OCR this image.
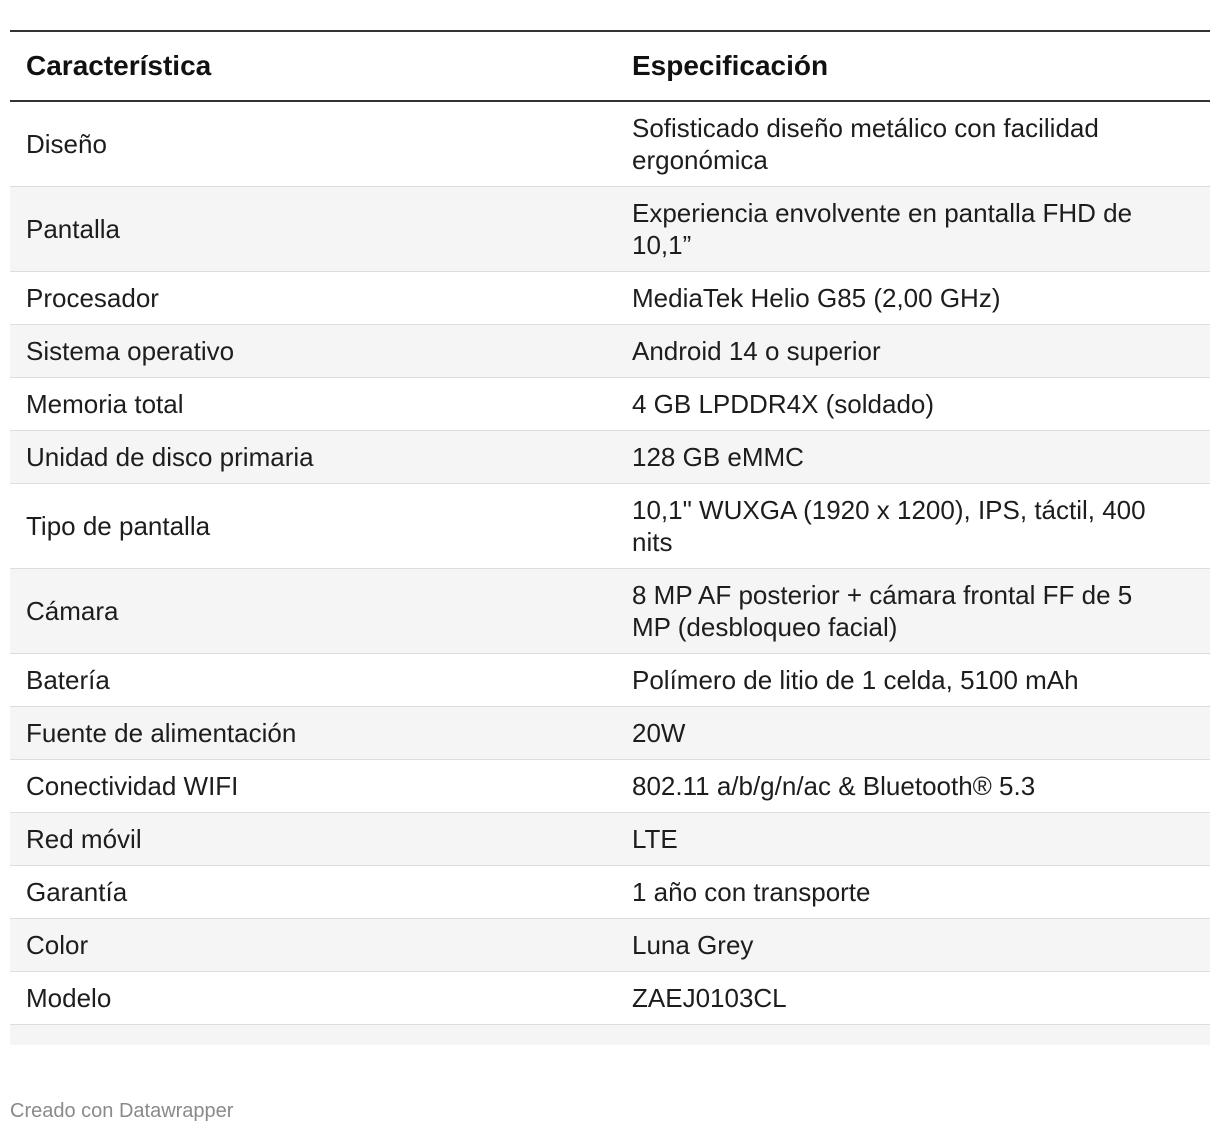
Característica	Especificación
Diseño	Sofisticado diseño metálico con facilidad ergonómica
Pantalla	Experiencia envolvente en pantalla FHD de 10,1”
Procesador	MediaTek Helio G85 (2,00 GHz)
Sistema operativo	Android 14 o superior
Memoria total	4 GB LPDDR4X (soldado)
Unidad de disco primaria	128 GB eMMC
Tipo de pantalla	10,1" WUXGA (1920 x 1200), IPS, táctil, 400 nits
Cámara	8 MP AF posterior + cámara frontal FF de 5 MP (desbloqueo facial)
Batería	Polímero de litio de 1 celda, 5100 mAh
Fuente de alimentación	20W
Conectividad WIFI	802.11 a/b/g/n/ac & Bluetooth® 5.3
Red móvil	LTE
Garantía	1 año con transporte
Color	Luna Grey
Modelo	ZAEJ0103CL
Creado con Datawrapper
